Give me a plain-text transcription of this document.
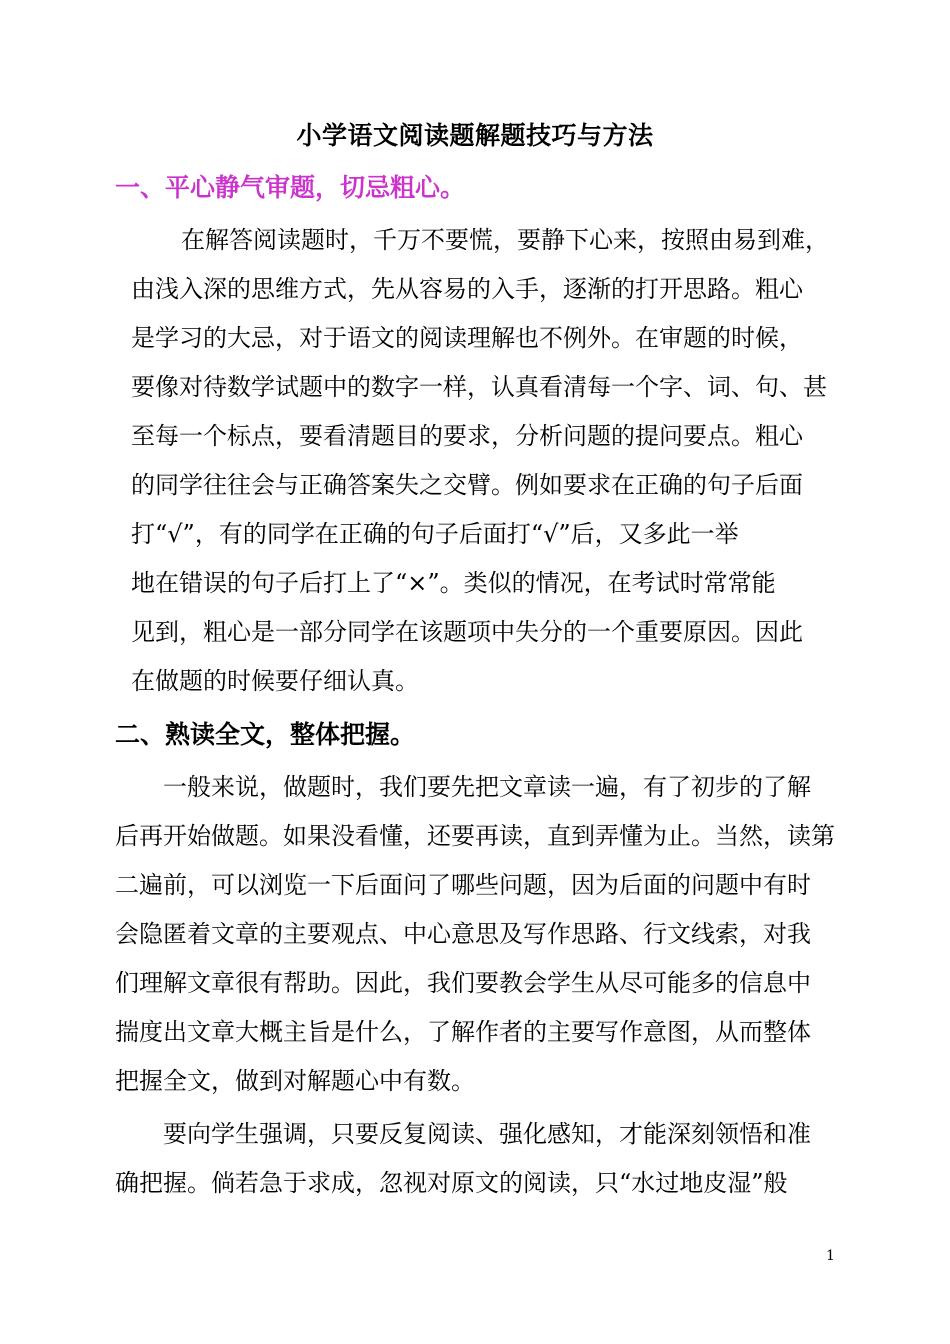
小学语文阅读题解题技巧与方法
一、平心静气审题，切忌粗心。
在解答阅读题时，千万不要慌，要静下心来，按照由易到难，
由浅入深的思维方式，先从容易的入手，逐渐的打开思路。粗心
是学习的大忌，对于语文的阅读理解也不例外。在审题的时候，
要像对待数学试题中的数字一样，认真看清每一个字、词、句、甚
至每一个标点，要看清题目的要求，分析问题的提问要点。粗心
的同学往往会与正确答案失之交臂。例如要求在正确的句子后面
打“√”，有的同学在正确的句子后面打“√”后，又多此一举
地在错误的句子后打上了“×”。类似的情况，在考试时常常能
见到，粗心是一部分同学在该题项中失分的一个重要原因。因此
在做题的时候要仔细认真。
二、熟读全文，整体把握。
一般来说，做题时，我们要先把文章读一遍，有了初步的了解
后再开始做题。如果没看懂，还要再读，直到弄懂为止。当然，读第
二遍前，可以浏览一下后面问了哪些问题，因为后面的问题中有时
会隐匿着文章的主要观点、中心意思及写作思路、行文线索，对我
们理解文章很有帮助。因此，我们要教会学生从尽可能多的信息中
揣度出文章大概主旨是什么，了解作者的主要写作意图，从而整体
把握全文，做到对解题心中有数。
要向学生强调，只要反复阅读、强化感知，才能深刻领悟和准
确把握。倘若急于求成，忽视对原文的阅读，只“水过地皮湿”般
1
